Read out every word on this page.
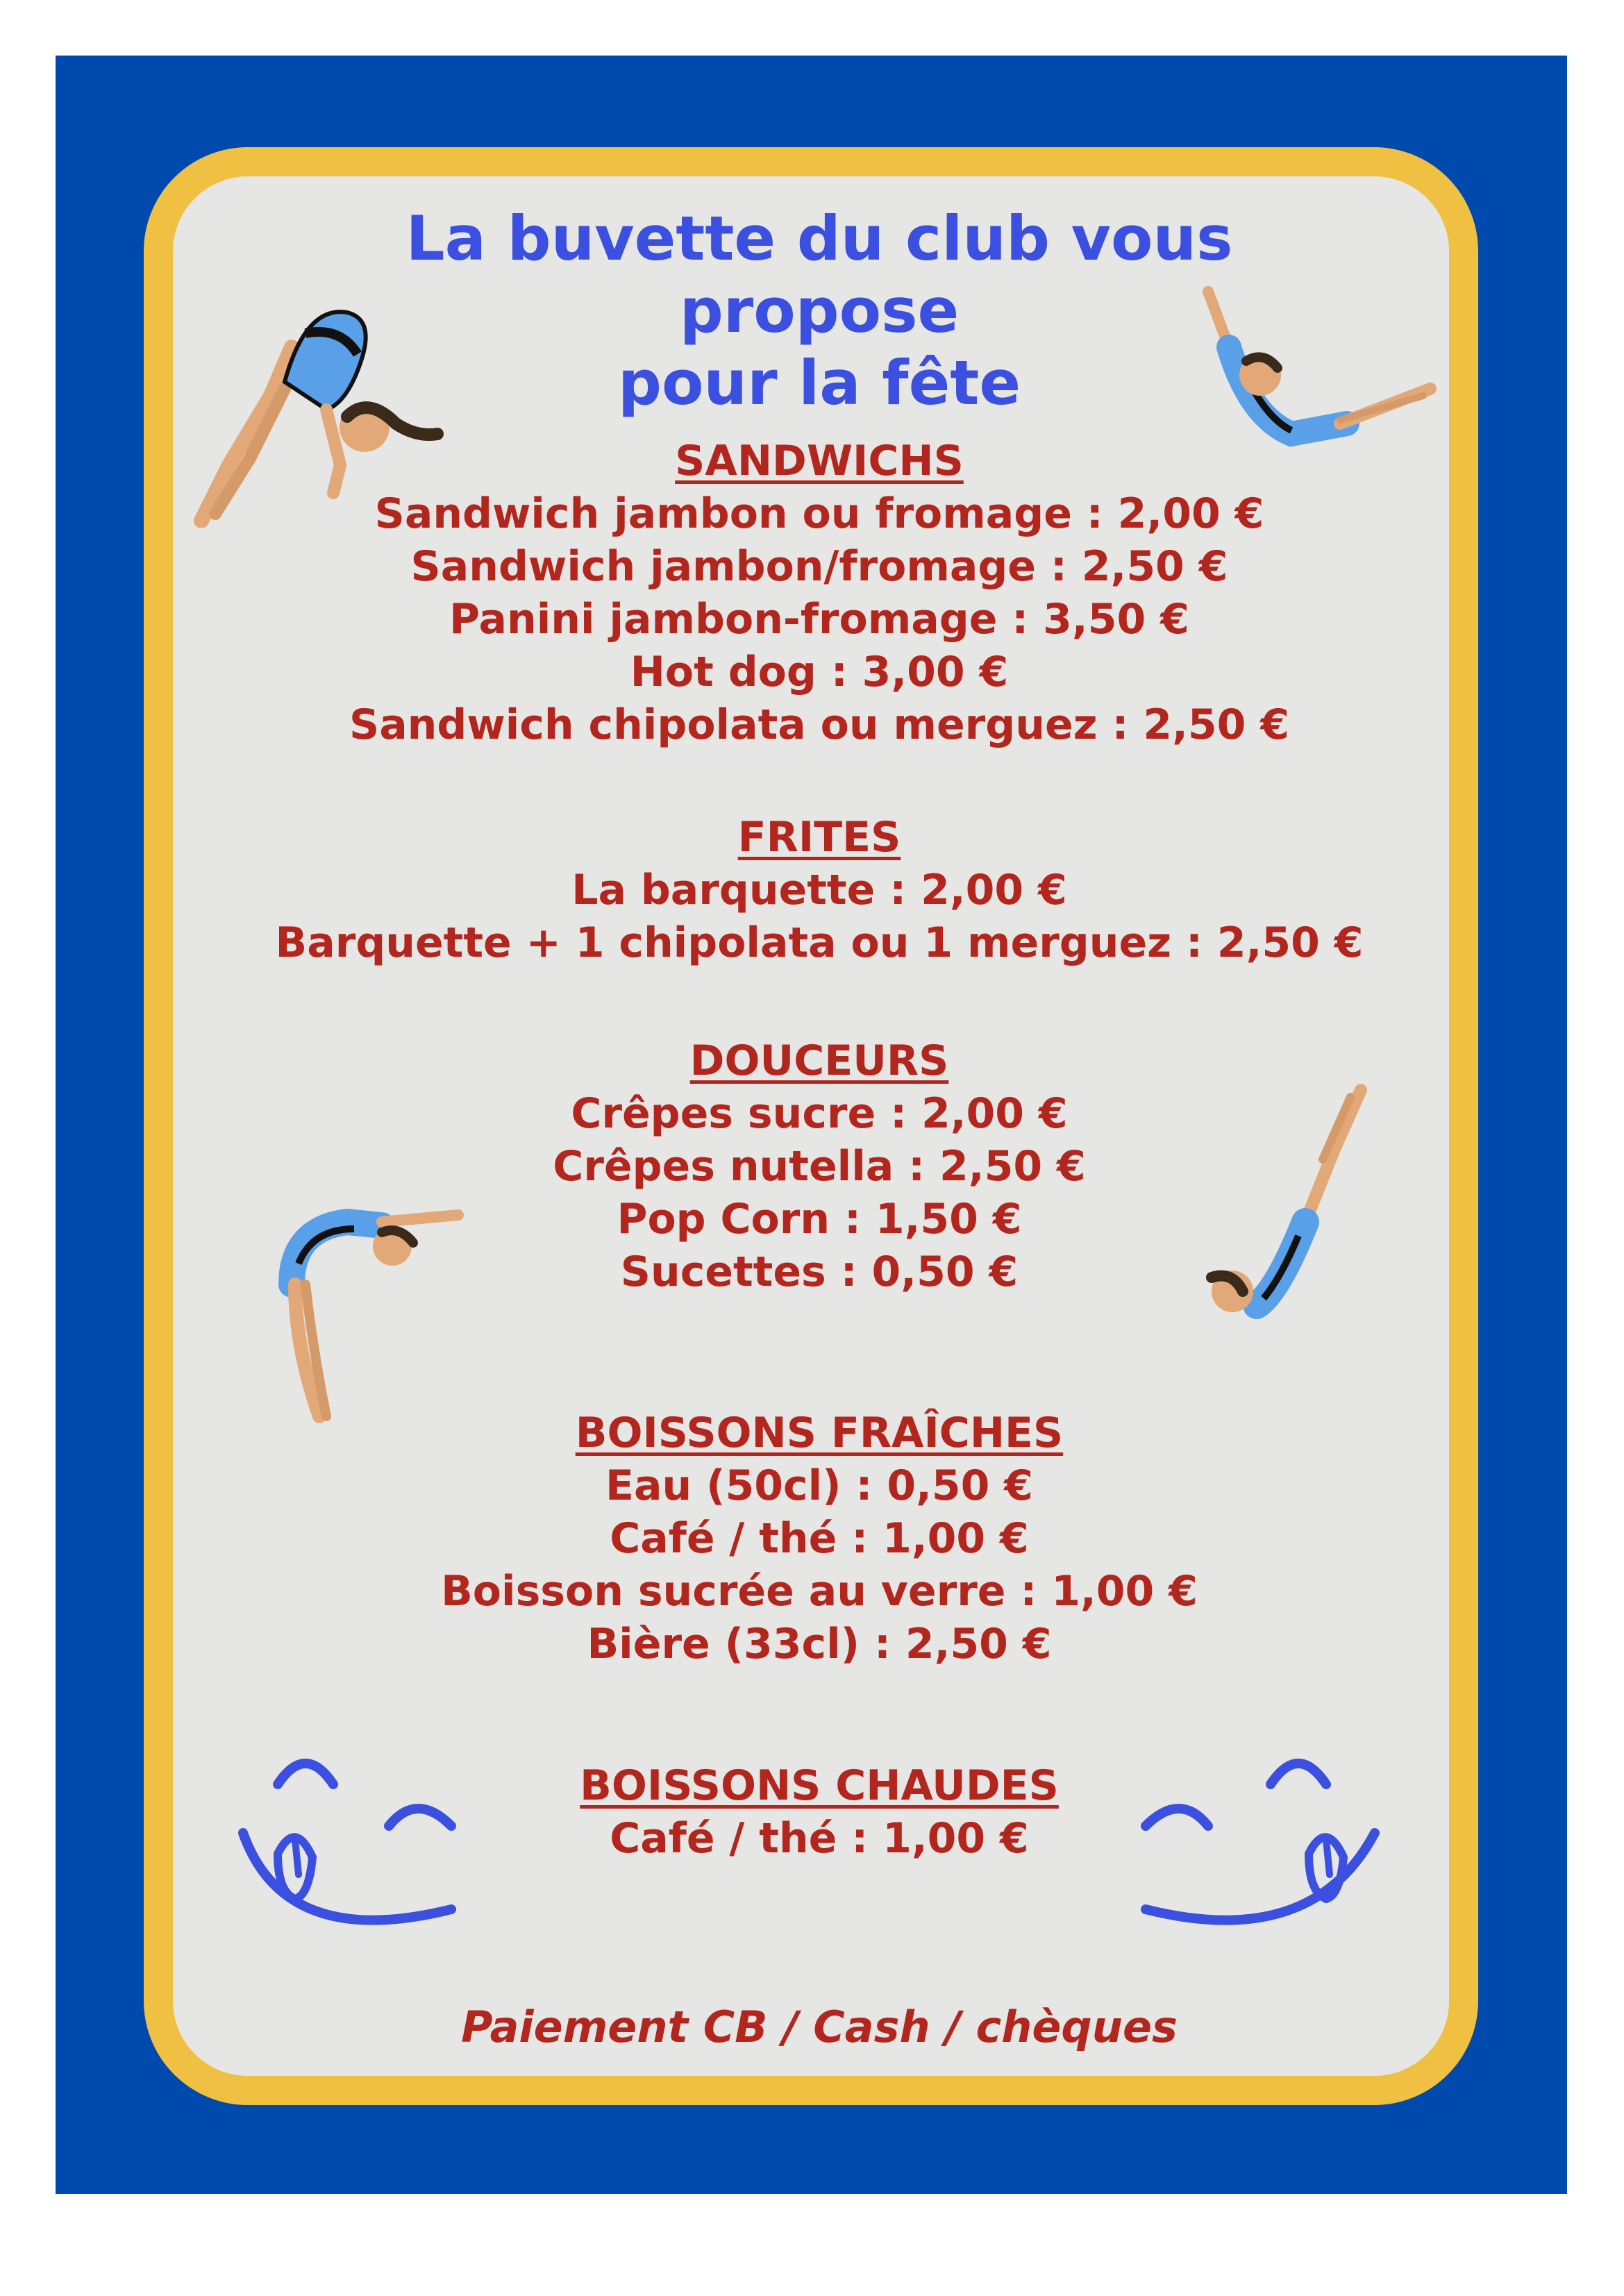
La buvette du club vous propose
pour la fête

SANDWICHS

Sandwich jambon ou fromage : 2,00 €

Sandwich jambon/fromage : 2,50 €

Panini jambon-fromage : 3,50 €

Hot dog : 3,00 €

Sandwich chipolata ou merguez : 2,50 €

FRITES

La barquette : 2,00 €

Barquette + 1 chipolata ou 1 merguez : 2,50 €

DOUCEURS

Crêpes sucre : 2,00 €

Crêpes nutella : 2,50 €

Pop Corn : 1,50 €

Sucettes : 0,50 €

BOISSONS FRAÎCHES

Eau (50cl) : 0,50 €

Café / thé : 1,00 €

Boisson sucrée au verre : 1,00 €

Bière (33cl) : 2,50 €

BOISSONS CHAUDES

Café / thé : 1,00 €

Paiement CB / Cash / chèques
